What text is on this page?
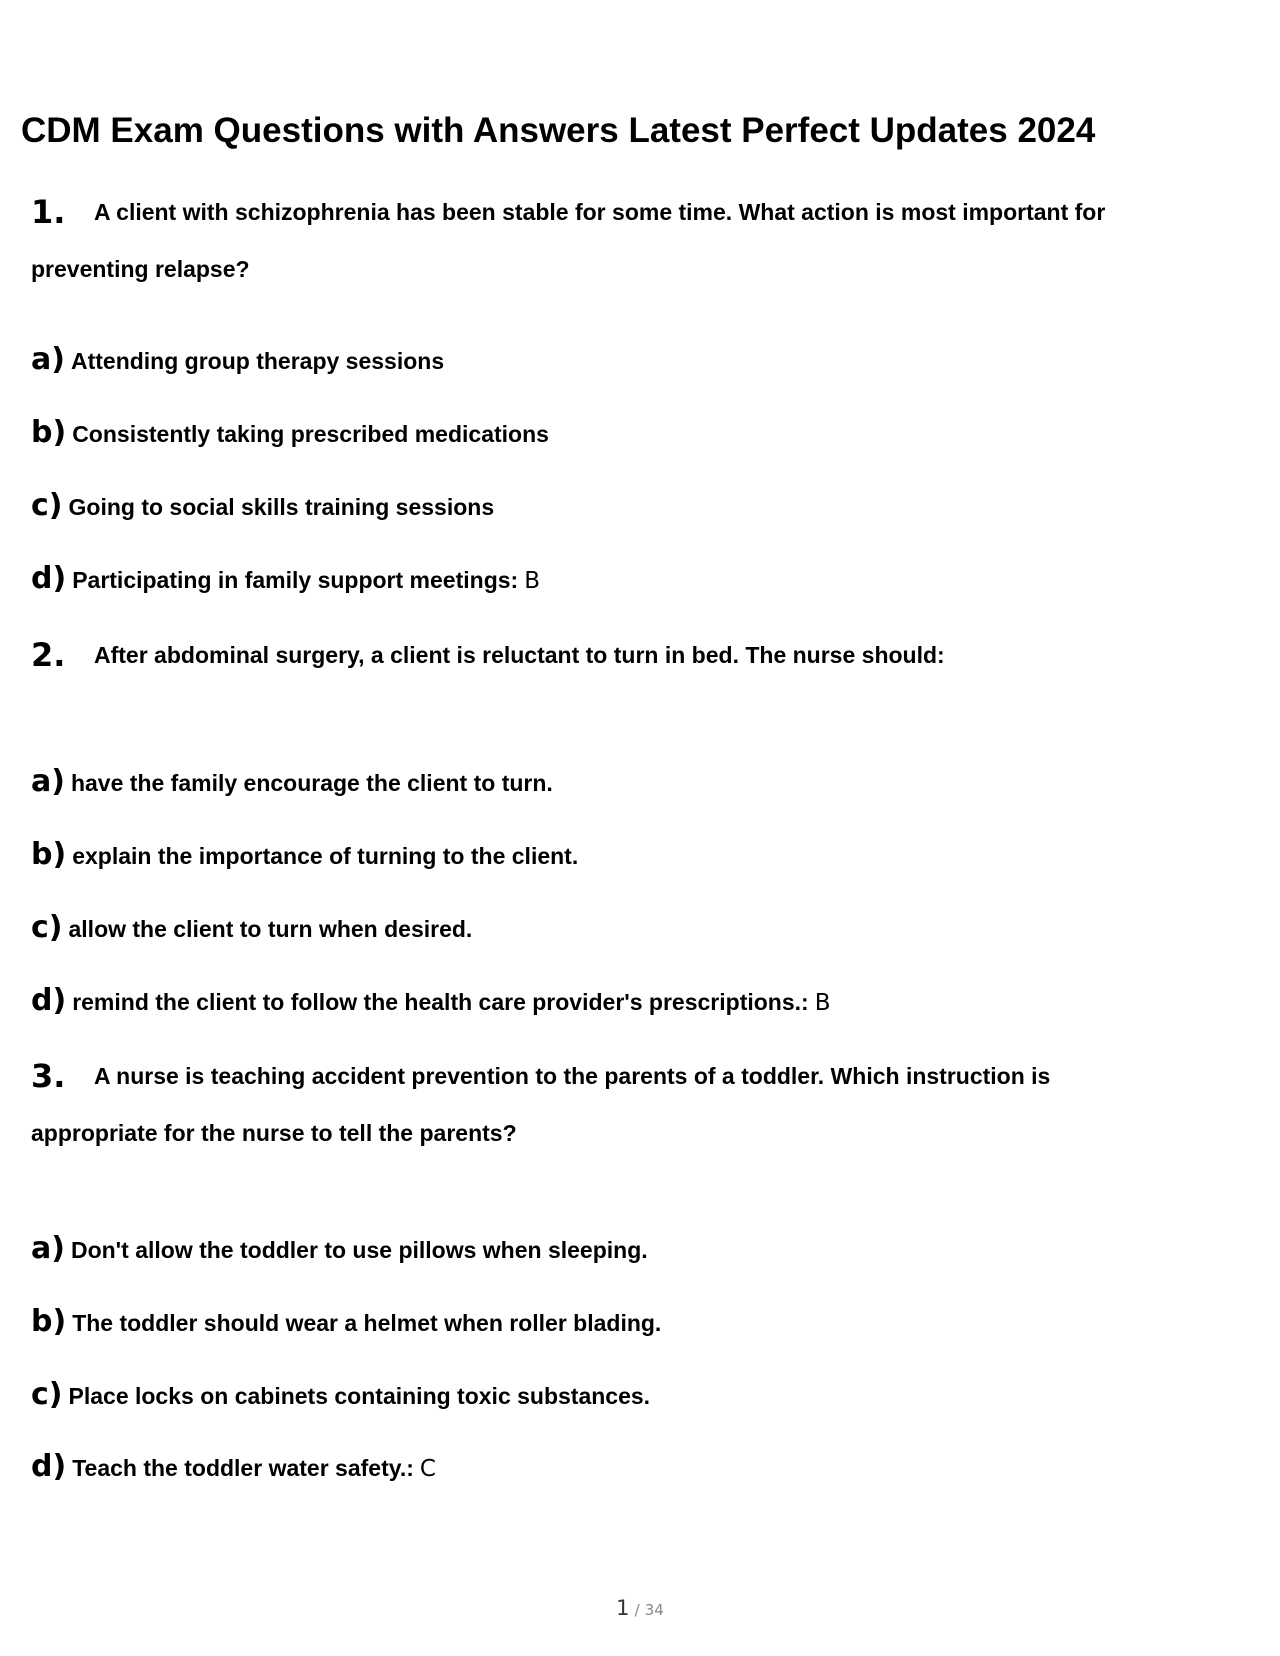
CDM Exam Questions with Answers Latest Perfect Updates 2024
1. A client with schizophrenia has been stable for some time. What action is most important for
preventing relapse?
a) Attending group therapy sessions
b) Consistently taking prescribed medications
c) Going to social skills training sessions
d) Participating in family support meetings: B
2. After abdominal surgery, a client is reluctant to turn in bed. The nurse should:
a) have the family encourage the client to turn.
b) explain the importance of turning to the client.
c) allow the client to turn when desired.
d) remind the client to follow the health care provider's prescriptions.: B
3. A nurse is teaching accident prevention to the parents of a toddler. Which instruction is
appropriate for the nurse to tell the parents?
a) Don't allow the toddler to use pillows when sleeping.
b) The toddler should wear a helmet when roller blading.
c) Place locks on cabinets containing toxic substances.
d) Teach the toddler water safety.: C
1 / 34
